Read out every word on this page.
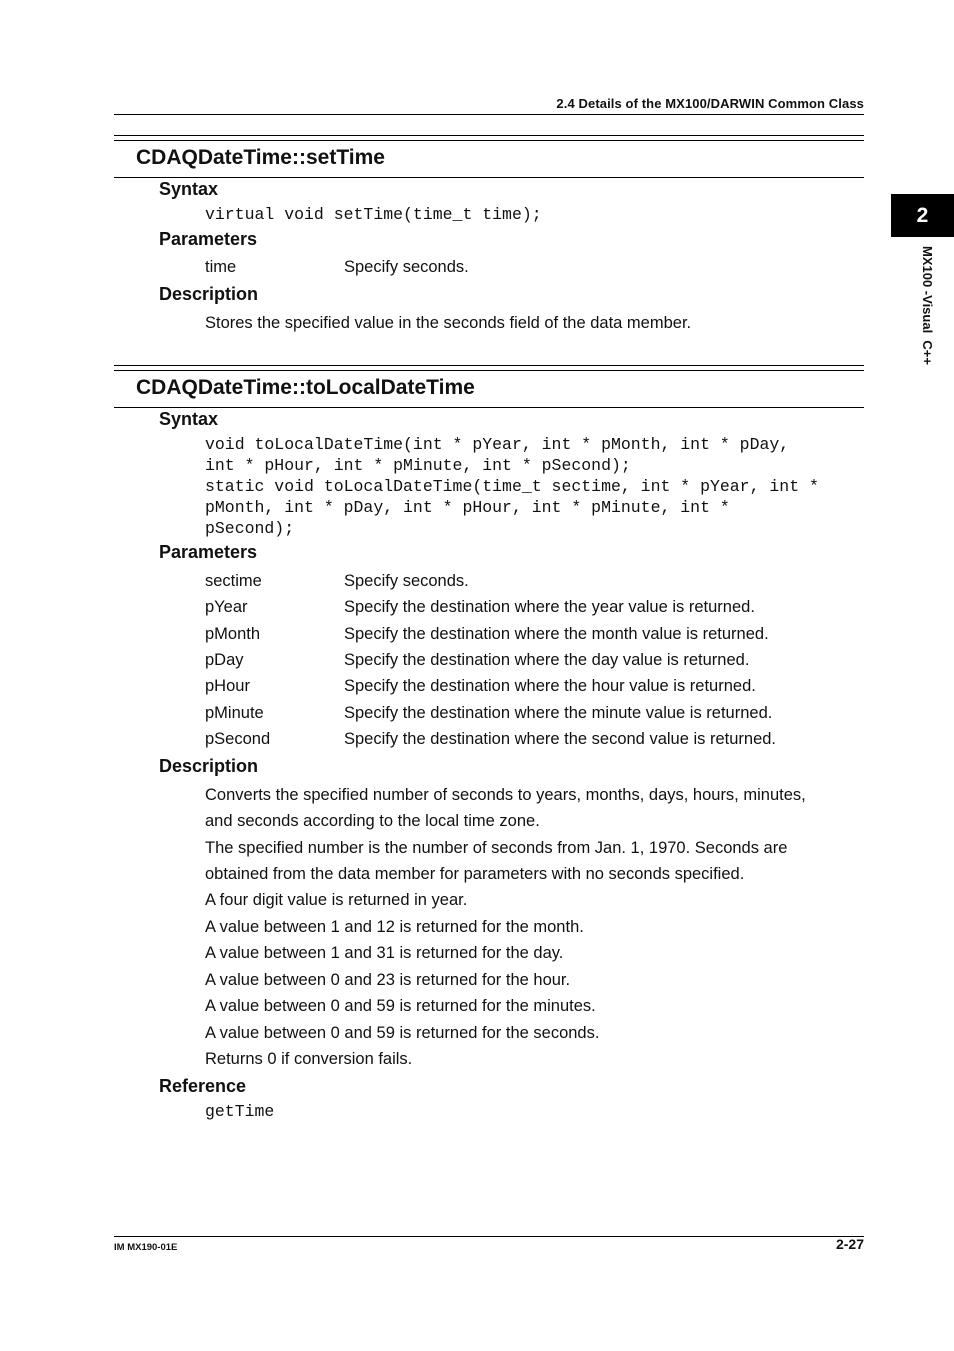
2.4 Details of the MX100/DARWIN Common Class
2
MX100 -Visual  C++
CDAQDateTime::setTime
Syntax
virtual void setTime(time_t time);
Parameters
time	Specify seconds.
Description
Stores the specified value in the seconds field of the data member.
CDAQDateTime::toLocalDateTime
Syntax
void toLocalDateTime(int * pYear, int * pMonth, int * pDay,
int * pHour, int * pMinute, int * pSecond);
static void toLocalDateTime(time_t sectime, int * pYear, int *
pMonth, int * pDay, int * pHour, int * pMinute, int *
pSecond);
Parameters
sectime	Specify seconds.
pYear	Specify the destination where the year value is returned.
pMonth	Specify the destination where the month value is returned.
pDay	Specify the destination where the day value is returned.
pHour	Specify the destination where the hour value is returned.
pMinute	Specify the destination where the minute value is returned.
pSecond	Specify the destination where the second value is returned.
Description
Converts the specified number of seconds to years, months, days, hours, minutes,
and seconds according to the local time zone.
The specified number is the number of seconds from Jan. 1, 1970. Seconds are
obtained from the data member for parameters with no seconds specified.
A four digit value is returned in year.
A value between 1 and 12 is returned for the month.
A value between 1 and 31 is returned for the day.
A value between 0 and 23 is returned for the hour.
A value between 0 and 59 is returned for the minutes.
A value between 0 and 59 is returned for the seconds.
Returns 0 if conversion fails.
Reference
getTime
IM MX190-01E	2-27
